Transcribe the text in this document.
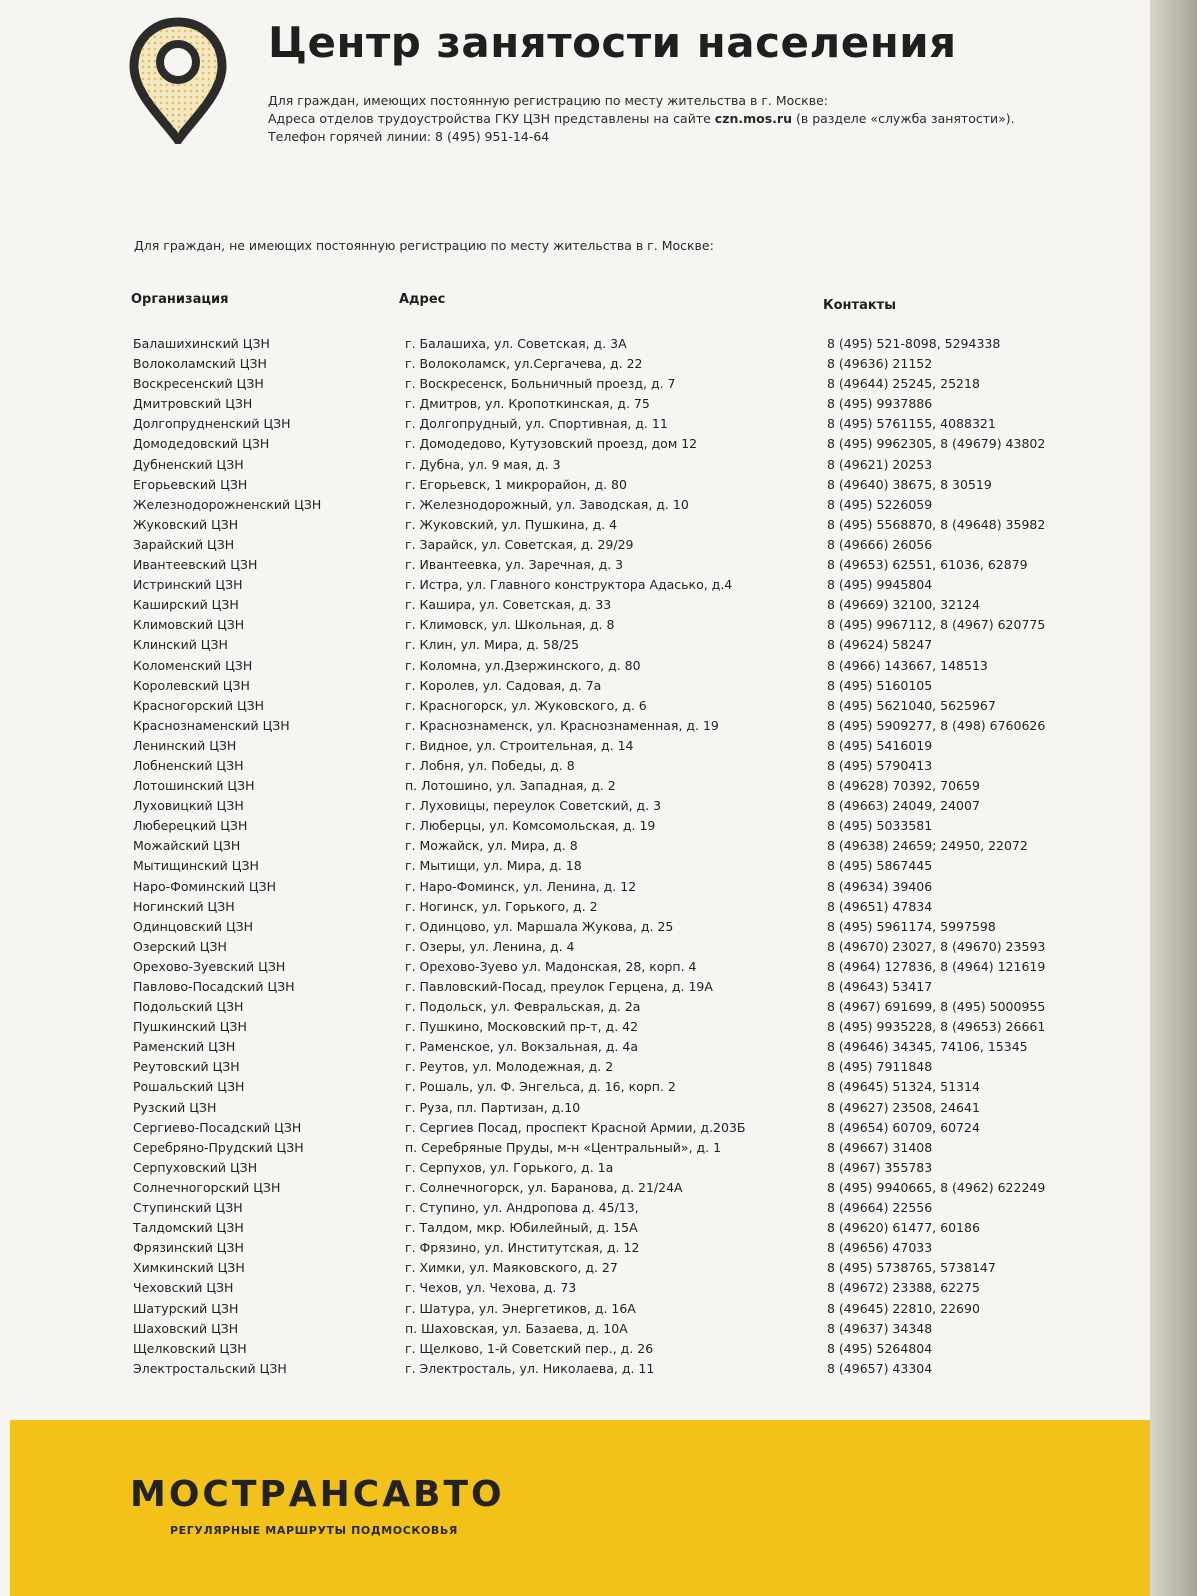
Центр занятости населения
Для граждан, имеющих постоянную регистрацию по месту жительства в г. Москве:
Адреса отделов трудоустройства ГКУ ЦЗН представлены на сайте czn.mos.ru (в разделе «служба занятости»).
Телефон горячей линии: 8 (495) 951-14-64
Для граждан, не имеющих постоянную регистрацию по месту жительства в г. Москве:
Организация	Адрес	Контакты
Балашихинский ЦЗН	г. Балашиха, ул. Советская, д. 3А	8 (495) 521-8098, 5294338
Волоколамский ЦЗН	г. Волоколамск, ул.Сергачева, д. 22	8 (49636) 21152
Воскресенский ЦЗН	г. Воскресенск, Больничный проезд, д. 7	8 (49644) 25245, 25218
Дмитровский ЦЗН	г. Дмитров, ул. Кропоткинская, д. 75	8 (495) 9937886
Долгопрудненский ЦЗН	г. Долгопрудный, ул. Спортивная, д. 11	8 (495) 5761155, 4088321
Домодедовский ЦЗН	г. Домодедово, Кутузовский проезд, дом 12	8 (495) 9962305, 8 (49679) 43802
Дубненский ЦЗН	г. Дубна, ул. 9 мая, д. 3	8 (49621) 20253
Егорьевский ЦЗН	г. Егорьевск, 1 микрорайон, д. 80	8 (49640) 38675, 8 30519
Железнодорожненский ЦЗН	г. Железнодорожный, ул. Заводская, д. 10	8 (495) 5226059
Жуковский ЦЗН	г. Жуковский, ул. Пушкина, д. 4	8 (495) 5568870, 8 (49648) 35982
Зарайский ЦЗН	г. Зарайск, ул. Советская, д. 29/29	8 (49666) 26056
Ивантеевский ЦЗН	г. Ивантеевка, ул. Заречная, д. 3	8 (49653) 62551, 61036, 62879
Истринский ЦЗН	г. Истра, ул. Главного конструктора Адасько, д.4	8 (495) 9945804
Каширский ЦЗН	г. Кашира, ул. Советская, д. 33	8 (49669) 32100, 32124
Климовский ЦЗН	г. Климовск, ул. Школьная, д. 8	8 (495) 9967112, 8 (4967) 620775
Клинский ЦЗН	г. Клин, ул. Мира, д. 58/25	8 (49624) 58247
Коломенский ЦЗН	г. Коломна, ул.Дзержинского, д. 80	8 (4966) 143667, 148513
Королевский ЦЗН	г. Королев, ул. Садовая, д. 7а	8 (495) 5160105
Красногорский ЦЗН	г. Красногорск, ул. Жуковского, д. 6	8 (495) 5621040, 5625967
Краснознаменский ЦЗН	г. Краснознаменск, ул. Краснознаменная, д. 19	8 (495) 5909277, 8 (498) 6760626
Ленинский ЦЗН	г. Видное, ул. Строительная, д. 14	8 (495) 5416019
Лобненский ЦЗН	г. Лобня, ул. Победы, д. 8	8 (495) 5790413
Лотошинский ЦЗН	п. Лотошино, ул. Западная, д. 2	8 (49628) 70392, 70659
Луховицкий ЦЗН	г. Луховицы, переулок Советский, д. 3	8 (49663) 24049, 24007
Люберецкий ЦЗН	г. Люберцы, ул. Комсомольская, д. 19	8 (495) 5033581
Можайский ЦЗН	г. Можайск, ул. Мира, д. 8	8 (49638) 24659; 24950, 22072
Мытищинский ЦЗН	г. Мытищи, ул. Мира, д. 18	8 (495) 5867445
Наро-Фоминский ЦЗН	г. Наро-Фоминск, ул. Ленина, д. 12	8 (49634) 39406
Ногинский ЦЗН	г. Ногинск, ул. Горького, д. 2	8 (49651) 47834
Одинцовский ЦЗН	г. Одинцово, ул. Маршала Жукова, д. 25	8 (495) 5961174, 5997598
Озерский ЦЗН	г. Озеры, ул. Ленина, д. 4	8 (49670) 23027, 8 (49670) 23593
Орехово-Зуевский ЦЗН	г. Орехово-Зуево ул. Мадонская, 28, корп. 4	8 (4964) 127836, 8 (4964) 121619
Павлово-Посадский ЦЗН	г. Павловский-Посад, преулок Герцена, д. 19А	8 (49643) 53417
Подольский ЦЗН	г. Подольск, ул. Февральская, д. 2а	8 (4967) 691699, 8 (495) 5000955
Пушкинский ЦЗН	г. Пушкино, Московский пр-т, д. 42	8 (495) 9935228, 8 (49653) 26661
Раменский ЦЗН	г. Раменское, ул. Вокзальная, д. 4а	8 (49646) 34345, 74106, 15345
Реутовский ЦЗН	г. Реутов, ул. Молодежная, д. 2	8 (495) 7911848
Рошальский ЦЗН	г. Рошаль, ул. Ф. Энгельса, д. 16, корп. 2	8 (49645) 51324, 51314
Рузский ЦЗН	г. Руза, пл. Партизан, д.10	8 (49627) 23508, 24641
Сергиево-Посадский ЦЗН	г. Сергиев Посад, проспект Красной Армии, д.203Б	8 (49654) 60709, 60724
Серебряно-Прудский ЦЗН	п. Серебряные Пруды, м-н «Центральный», д. 1	8 (49667) 31408
Серпуховский ЦЗН	г. Серпухов, ул. Горького, д. 1а	8 (4967) 355783
Солнечногорский ЦЗН	г. Солнечногорск, ул. Баранова, д. 21/24А	8 (495) 9940665, 8 (4962) 622249
Ступинский ЦЗН	г. Ступино, ул. Андропова д. 45/13,	8 (49664) 22556
Талдомский ЦЗН	г. Талдом, мкр. Юбилейный, д. 15А	8 (49620) 61477, 60186
Фрязинский ЦЗН	г. Фрязино, ул. Институтская, д. 12	8 (49656) 47033
Химкинский ЦЗН	г. Химки, ул. Маяковского, д. 27	8 (495) 5738765, 5738147
Чеховский ЦЗН	г. Чехов, ул. Чехова, д. 73	8 (49672) 23388, 62275
Шатурский ЦЗН	г. Шатура, ул. Энергетиков, д. 16А	8 (49645) 22810, 22690
Шаховский ЦЗН	п. Шаховская, ул. Базаева, д. 10А	8 (49637) 34348
Щелковский ЦЗН	г. Щелково, 1-й Советский пер., д. 26	8 (495) 5264804
Электростальский ЦЗН	г. Электросталь, ул. Николаева, д. 11	8 (49657) 43304
МОСТРАНСАВТО
РЕГУЛЯРНЫЕ МАРШРУТЫ ПОДМОСКОВЬЯ
